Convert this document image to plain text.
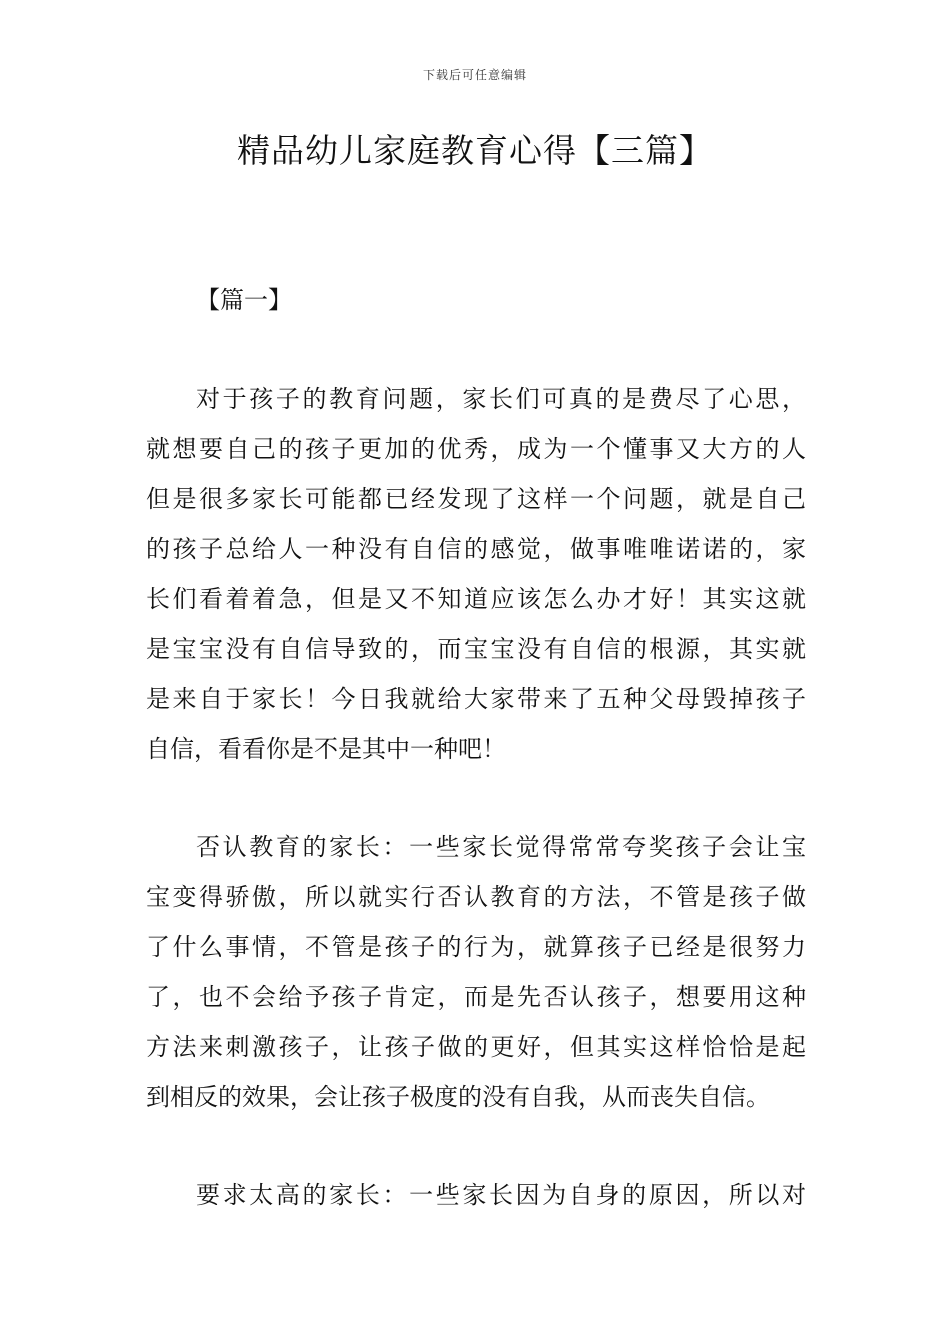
下载后可任意编辑
精品幼儿家庭教育心得【三篇】
【篇一】
对于孩子的教育问题，家长们可真的是费尽了心思，
就想要自己的孩子更加的优秀，成为一个懂事又大方的人
但是很多家长可能都已经发现了这样一个问题，就是自己
的孩子总给人一种没有自信的感觉，做事唯唯诺诺的，家
长们看着着急，但是又不知道应该怎么办才好！其实这就
是宝宝没有自信导致的，而宝宝没有自信的根源，其实就
是来自于家长！今日我就给大家带来了五种父母毁掉孩子
自信，看看你是不是其中一种吧！
否认教育的家长：一些家长觉得常常夸奖孩子会让宝
宝变得骄傲，所以就实行否认教育的方法，不管是孩子做
了什么事情，不管是孩子的行为，就算孩子已经是很努力
了，也不会给予孩子肯定，而是先否认孩子，想要用这种
方法来刺激孩子，让孩子做的更好，但其实这样恰恰是起
到相反的效果，会让孩子极度的没有自我，从而丧失自信。
要求太高的家长：一些家长因为自身的原因，所以对
